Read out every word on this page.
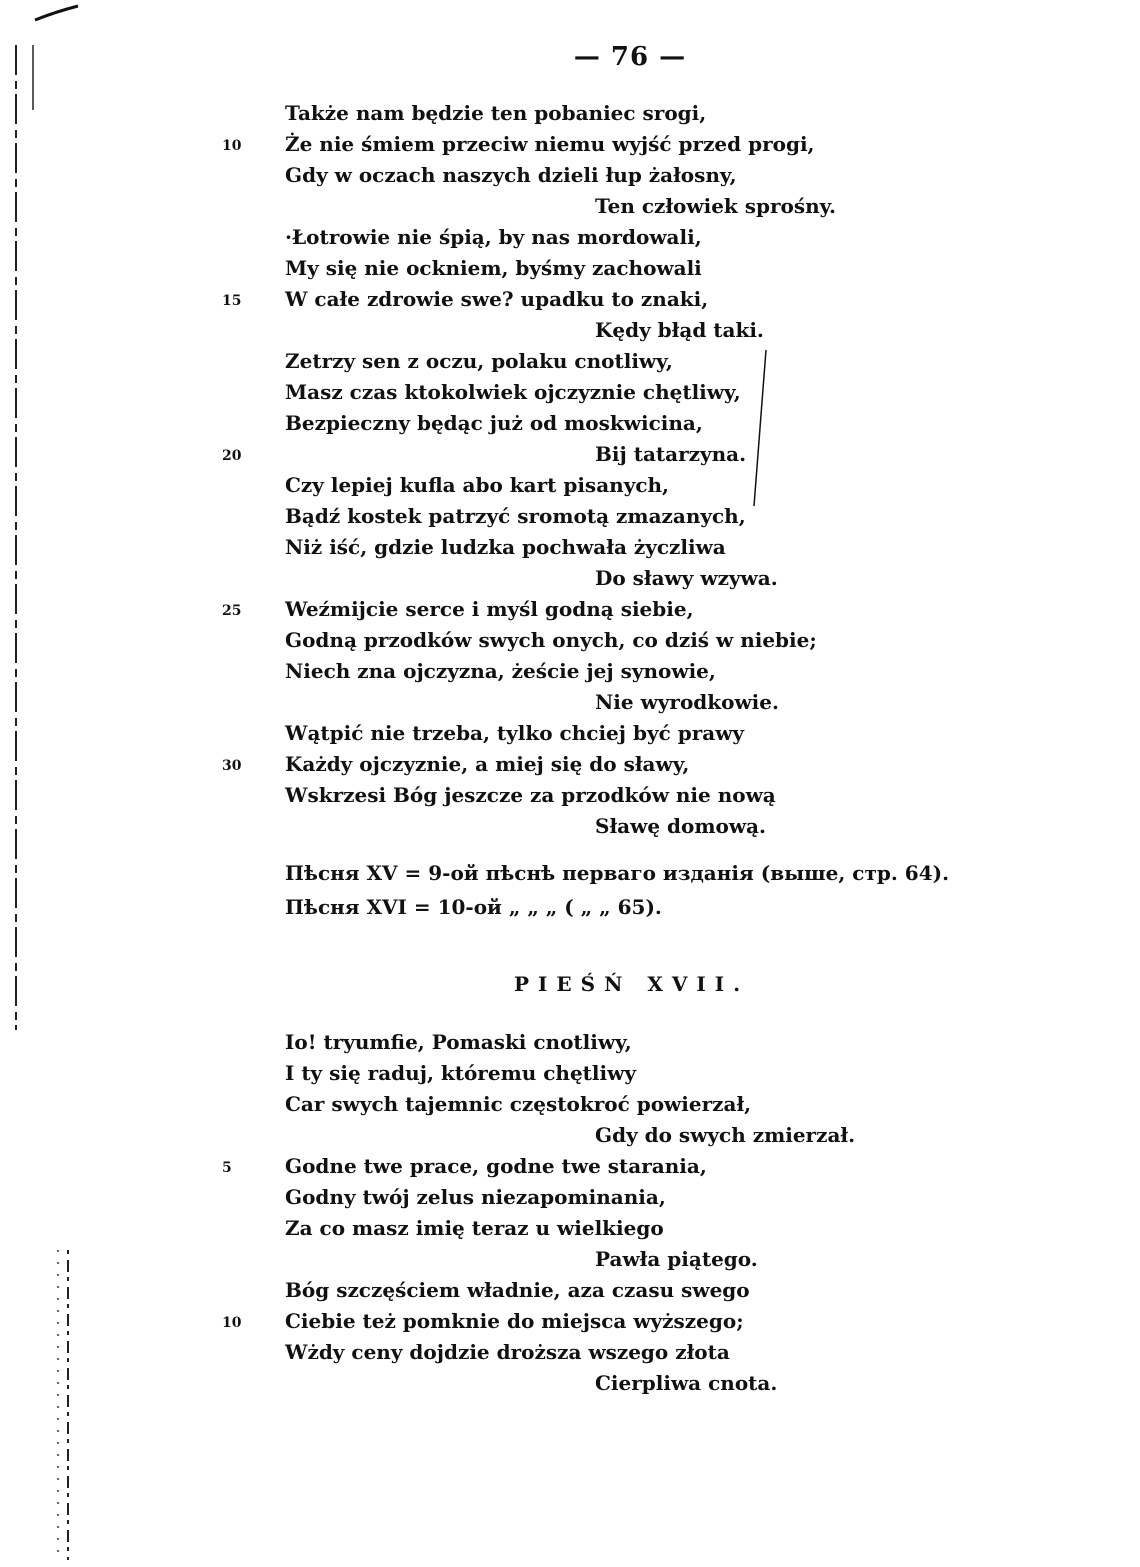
— 76 —
Także nam będzie ten pobaniec srogi,
Że nie śmiem przeciw niemu wyjść przed progi,
10
Gdy w oczach naszych dzieli łup żałosny,
Ten człowiek sprośny.
·Łotrowie nie śpią, by nas mordowali,
My się nie ockniem, byśmy zachowali
W całe zdrowie swe? upadku to znaki,
15
Kędy błąd taki.
Zetrzy sen z oczu, polaku cnotliwy,
Masz czas ktokolwiek ojczyznie chętliwy,
Bezpieczny będąc już od moskwicina,
Bij tatarzyna.
20
Czy lepiej kufla abo kart pisanych,
Bądź kostek patrzyć sromotą zmazanych,
Niż iść, gdzie ludzka pochwała życzliwa
Do sławy wzywa.
Weźmijcie serce i myśl godną siebie,
25
Godną przodków swych onych, co dziś w niebie;
Niech zna ojczyzna, żeście jej synowie,
Nie wyrodkowie.
Wątpić nie trzeba, tylko chciej być prawy
Każdy ojczyznie, a miej się do sławy,
30
Wskrzesi Bóg jeszcze za przodków nie nową
Sławę domową.
Пѣсня XV = 9-ой пѣснѣ перваго изданія (выше, стр. 64).
Пѣсня XVI = 10-ой „ „ „ ( „ „ 65).
PIEŚŃ XVII.
Io! tryumfie, Pomaski cnotliwy,
I ty się raduj, któremu chętliwy
Car swych tajemnic częstokroć powierzał,
Gdy do swych zmierzał.
Godne twe prace, godne twe starania,
5
Godny twój zelus niezapominania,
Za co masz imię teraz u wielkiego
Pawła piątego.
Bóg szczęściem władnie, aza czasu swego
Ciebie też pomknie do miejsca wyższego;
10
Wżdy ceny dojdzie droższa wszego złota
Cierpliwa cnota.
